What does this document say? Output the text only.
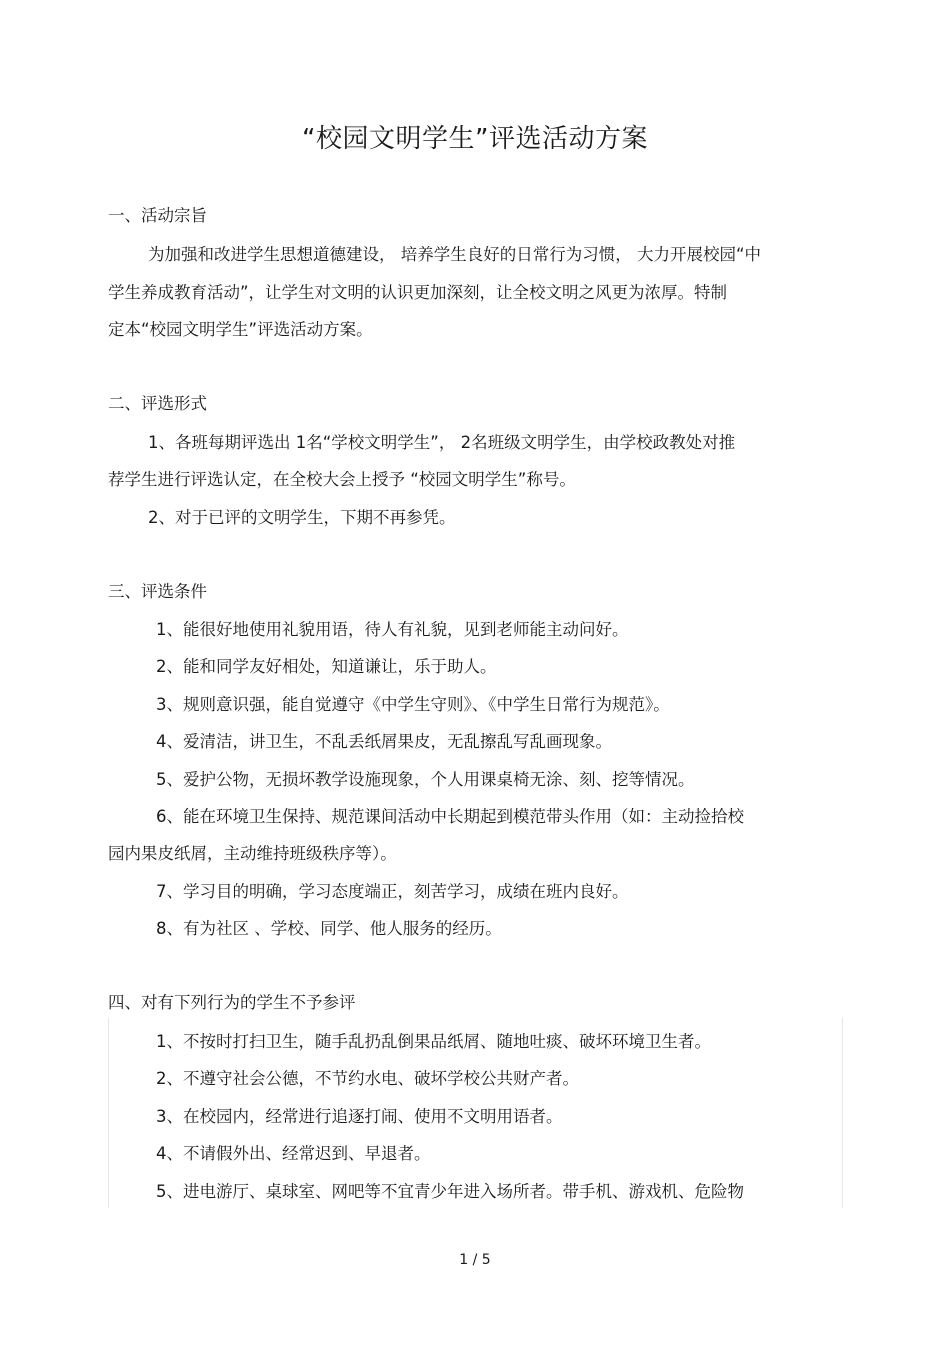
“校园文明学生”评选活动方案
一、活动宗旨
为加强和改进学生思想道德建设， 培养学生良好的日常行为习惯， 大力开展校园“中
学生养成教育活动”，让学生对文明的认识更加深刻，让全校文明之风更为浓厚。特制
定本“校园文明学生”评选活动方案。
二、评选形式
1、各班每期评选出 1名“学校文明学生”， 2名班级文明学生，由学校政教处对推
荐学生进行评选认定，在全校大会上授予 “校园文明学生”称号。
2、对于已评的文明学生，下期不再参凭。
三、评选条件
1、能很好地使用礼貌用语，待人有礼貌，见到老师能主动问好。
2、能和同学友好相处，知道谦让，乐于助人。
3、规则意识强，能自觉遵守《中学生守则》、《中学生日常行为规范》。
4、爱清洁，讲卫生，不乱丢纸屑果皮，无乱擦乱写乱画现象。
5、爱护公物，无损坏教学设施现象，个人用课桌椅无涂、刻、挖等情况。
6、能在环境卫生保持、规范课间活动中长期起到模范带头作用（如：主动捡拾校
园内果皮纸屑，主动维持班级秩序等）。
7、学习目的明确，学习态度端正，刻苦学习，成绩在班内良好。
8、有为社区 、学校、同学、他人服务的经历。
四、对有下列行为的学生不予参评
1、不按时打扫卫生，随手乱扔乱倒果品纸屑、随地吐痰、破坏环境卫生者。
2、不遵守社会公德，不节约水电、破坏学校公共财产者。
3、在校园内，经常进行追逐打闹、使用不文明用语者。
4、不请假外出、经常迟到、早退者。
5、进电游厅、桌球室、网吧等不宜青少年进入场所者。带手机、游戏机、危险物
1 / 5
